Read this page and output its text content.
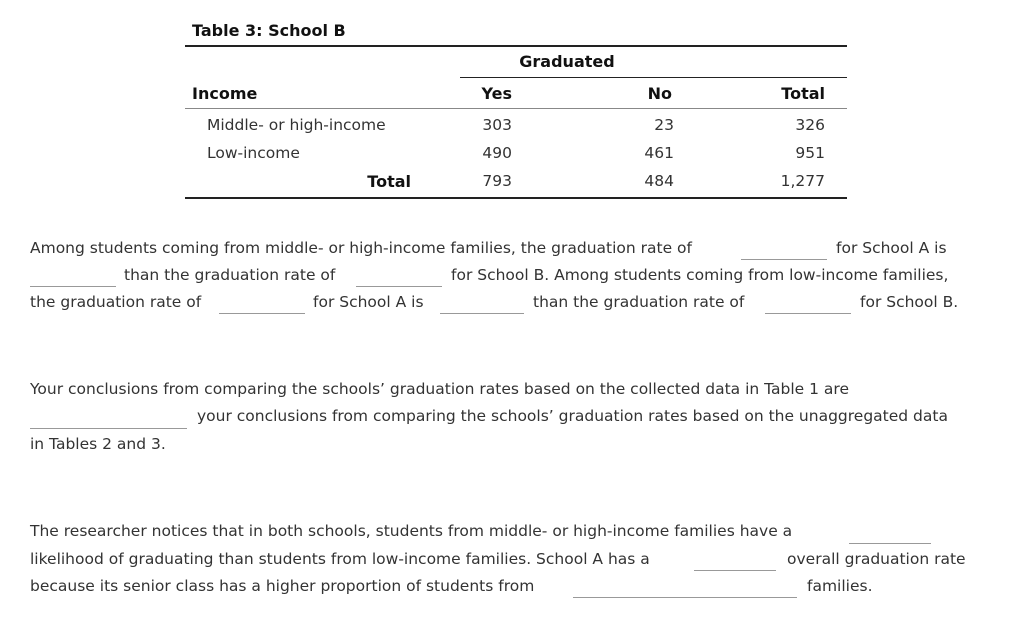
Table 3: School B
Graduated
Income	Yes	No	Total
Middle- or high-income	303	23	326
Low-income	490	461	951
Total	793	484	1,277
Among students coming from middle- or high-income families, the graduation rate of	for School A is
than the graduation rate of	for School B. Among students coming from low-income families,
the graduation rate of	for School A is	than the graduation rate of	for School B.
Your conclusions from comparing the schools’ graduation rates based on the collected data in Table 1 are
your conclusions from comparing the schools’ graduation rates based on the unaggregated data
in Tables 2 and 3.
The researcher notices that in both schools, students from middle- or high-income families have a
likelihood of graduating than students from low-income families. School A has a	overall graduation rate
because its senior class has a higher proportion of students from	families.
